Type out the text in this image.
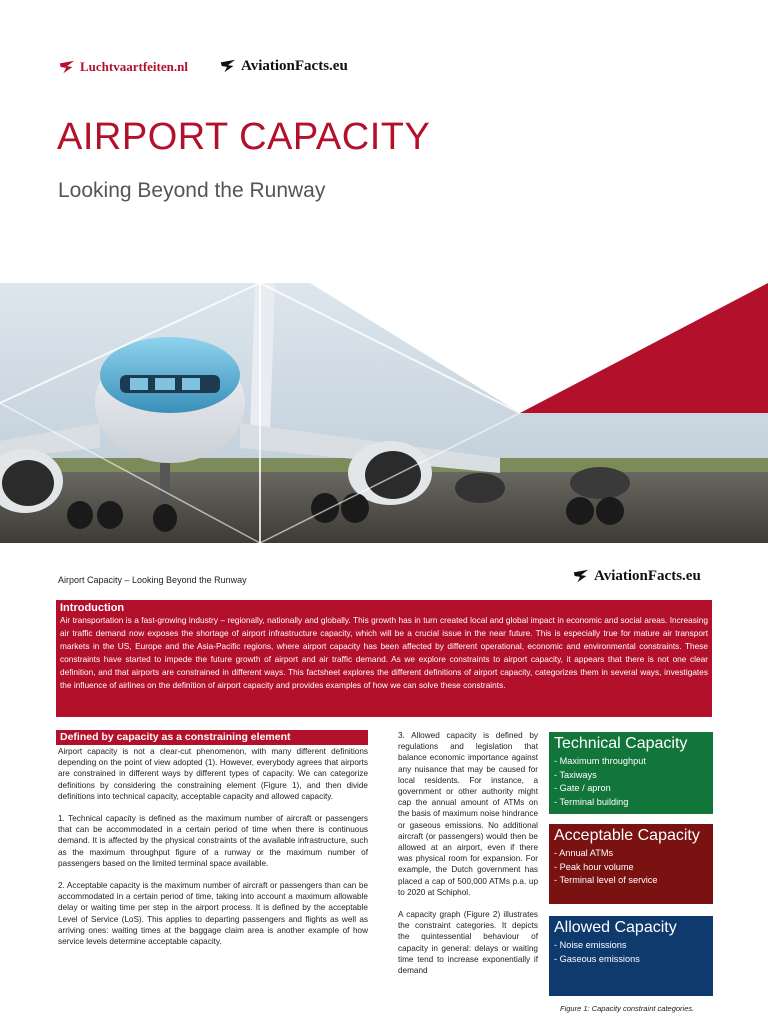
Luchtvaartfeiten.nl	AviationFacts.eu
AIRPORT CAPACITY
Looking Beyond the Runway
Airport Capacity – Looking Beyond the Runway	AviationFacts.eu
Introduction

Air transportation is a fast-growing industry – regionally, nationally and globally. This growth has in turn created local and global impact in economic and social areas. Increasing air traffic demand now exposes the shortage of airport infrastructure capacity, which will be a crucial issue in the near future. This is especially true for mature air transport markets in the US, Europe and the Asia-Pacific regions, where airport capacity has been affected by different operational, economic and environmental constraints. These constraints have started to impede the future growth of airport and air traffic demand. As we explore constraints to airport capacity, it appears that there is not one clear definition, and that airports are constrained in different ways. This factsheet explores the different definitions of airport capacity, categorizes them in several ways, investigates the influence of airlines on the definition of airport capacity and provides examples of how we can solve these constraints.

Defined by capacity as a constraining element

Airport capacity is not a clear-cut phenomenon, with many different definitions depending on the point of view adopted (1). However, everybody agrees that airports are constrained in different ways by different types of capacity. We can categorize definitions by considering the constraining element (Figure 1), and then divide definitions into technical capacity, acceptable capacity and allowed capacity.

1. Technical capacity is defined as the maximum number of aircraft or passengers that can be accommodated in a certain period of time when there is continuous demand. It is affected by the physical constraints of the available infrastructure, such as the maximum throughput figure of a runway or the maximum number of passengers based on the limited terminal space available.

2. Acceptable capacity is the maximum number of aircraft or passengers than can be accommodated in a certain period of time, taking into account a maximum allowable delay or waiting time per step in the airport process. It is defined by the acceptable Level of Service (LoS). This applies to departing passengers and flights as well as arriving ones: waiting times at the baggage claim area is another example of how service levels determine acceptable capacity.

3. Allowed capacity is defined by regulations and legislation that balance economic importance against any nuisance that may be caused for local residents. For instance, a government or other authority might cap the annual amount of ATMs on the basis of maximum noise hindrance or gaseous emissions. No additional aircraft (or passengers) would then be allowed at an airport, even if there was physical room for expansion. For example, the Dutch government has placed a cap of 500,000 ATMs p.a. up to 2020 at Schiphol.

A capacity graph (Figure 2) illustrates the constraint categories. It depicts the quintessential behaviour of capacity in general: delays or waiting time tend to increase exponentially if demand

Technical Capacity
- Maximum throughput
- Taxiways
- Gate / apron
- Terminal building
Acceptable Capacity
- Annual ATMs
- Peak hour volume
- Terminal level of service
Allowed Capacity
- Noise emissions
- Gaseous emissions
Figure 1: Capacity constraint categories.
